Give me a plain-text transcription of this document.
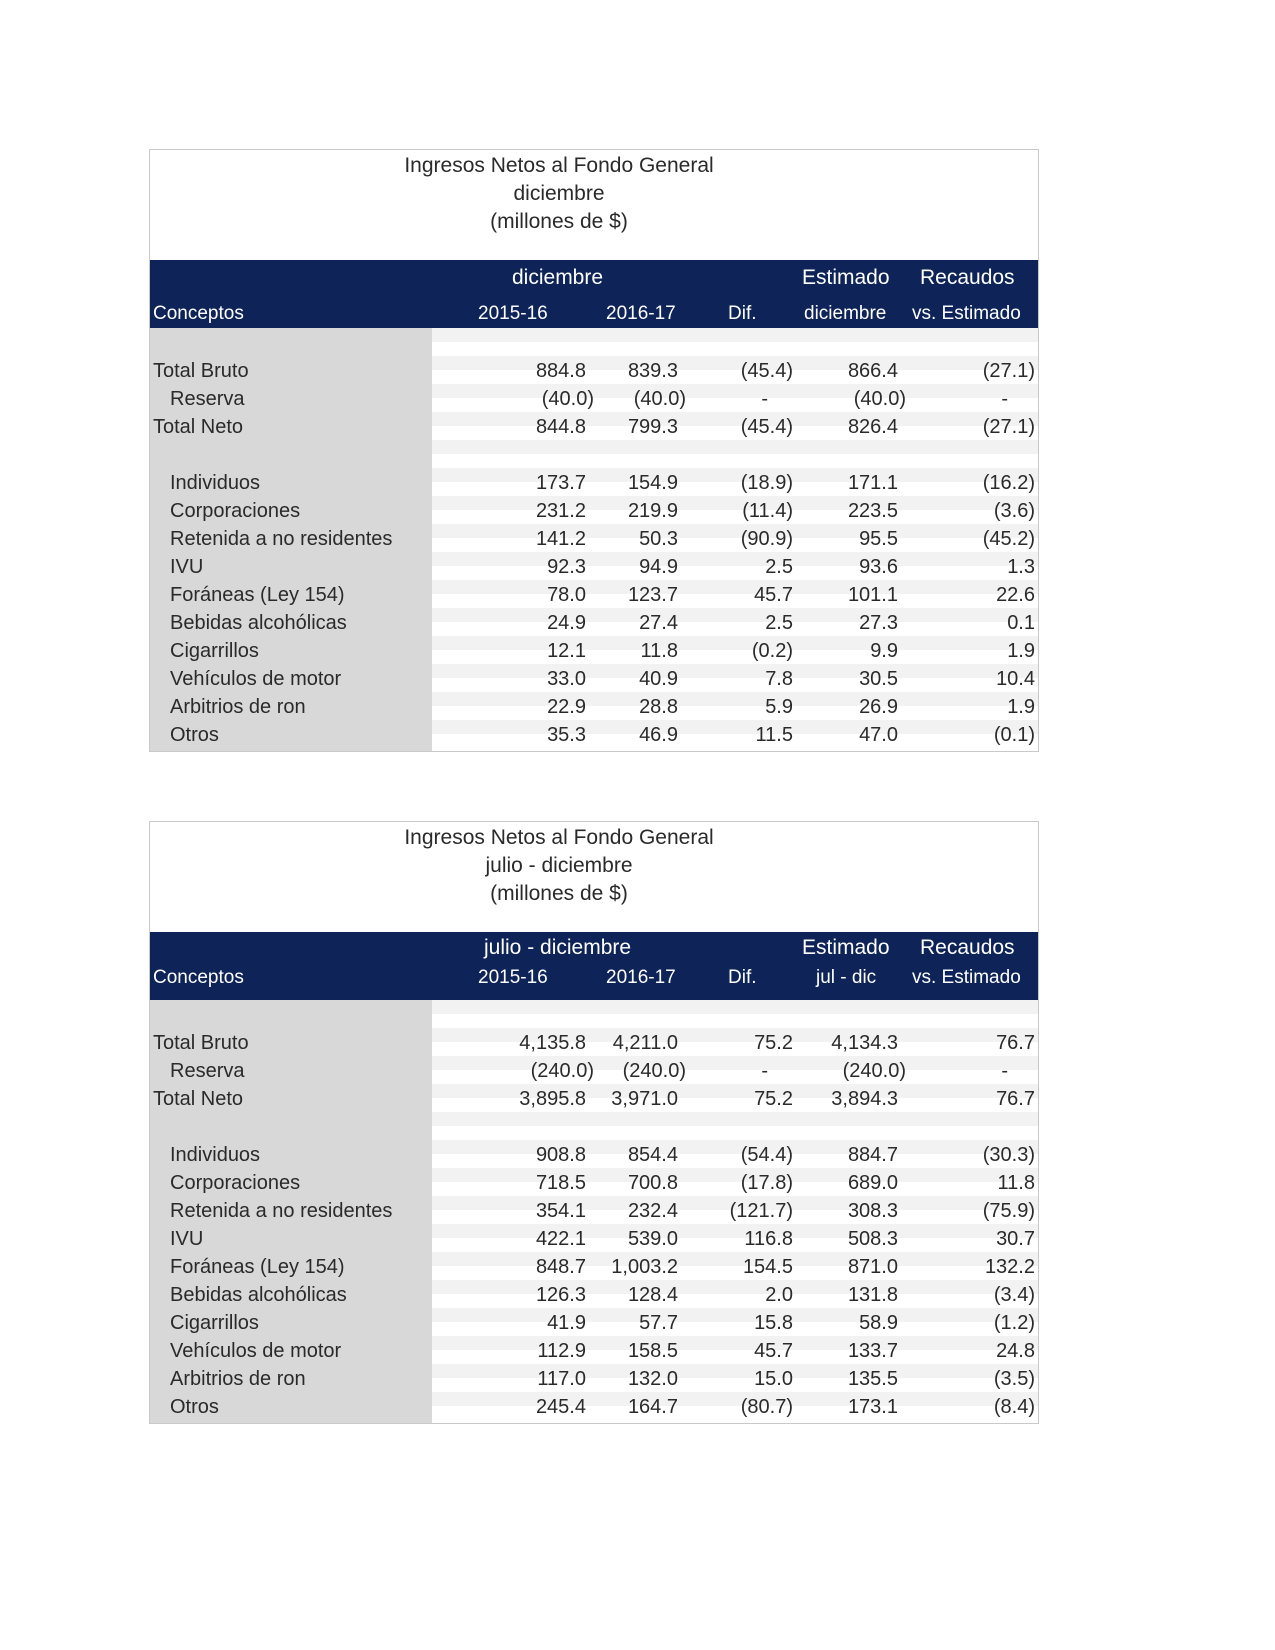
Ingresos Netos al Fondo General
diciembre
(millones de $)
diciembre	Estimado Recaudos
Conceptos	2015-16	2016-17	Dif.	diciembre vs. Estimado
Total Bruto	884.8 839.3	(45.4)	866.4	(27.1)
Reserva	(40.0) (40.0)	-	(40.0)	-
Total Neto	844.8 799.3	(45.4)	826.4	(27.1)
Individuos	173.7 154.9	(18.9)	171.1	(16.2)
Corporaciones	231.2 219.9	(11.4)	223.5	(3.6)
Retenida a no residentes	141.2	50.3	(90.9)	95.5	(45.2)
IVU	92.3	94.9	2.5	93.6	1.3
Foráneas (Ley 154)	78.0 123.7	45.7	101.1	22.6
Bebidas alcohólicas	24.9	27.4	2.5	27.3	0.1
Cigarrillos	12.1	11.8	(0.2)	9.9	1.9
Vehículos de motor	33.0	40.9	7.8	30.5	10.4
Arbitrios de ron	22.9	28.8	5.9	26.9	1.9
Otros	35.3	46.9	11.5	47.0	(0.1)
Ingresos Netos al Fondo General
julio - diciembre
(millones de $)
julio - diciembre	Estimado Recaudos
Conceptos	2015-16	2016-17	Dif.	jul - dic vs. Estimado
Total Bruto	4,135.8 4,211.0	75.2 4,134.3	76.7
Reserva	(240.0) (240.0)	-	(240.0)	-
Total Neto	3,895.8 3,971.0	75.2 3,894.3	76.7
Individuos	908.8 854.4	(54.4)	884.7	(30.3)
Corporaciones	718.5 700.8	(17.8)	689.0	11.8
Retenida a no residentes	354.1 232.4	(121.7)	308.3	(75.9)
IVU	422.1 539.0	116.8	508.3	30.7
Foráneas (Ley 154)	848.7 1,003.2	154.5	871.0	132.2
Bebidas alcohólicas	126.3 128.4	2.0	131.8	(3.4)
Cigarrillos	41.9	57.7	15.8	58.9	(1.2)
Vehículos de motor	112.9 158.5	45.7	133.7	24.8
Arbitrios de ron	117.0 132.0	15.0	135.5	(3.5)
Otros	245.4 164.7	(80.7)	173.1	(8.4)
